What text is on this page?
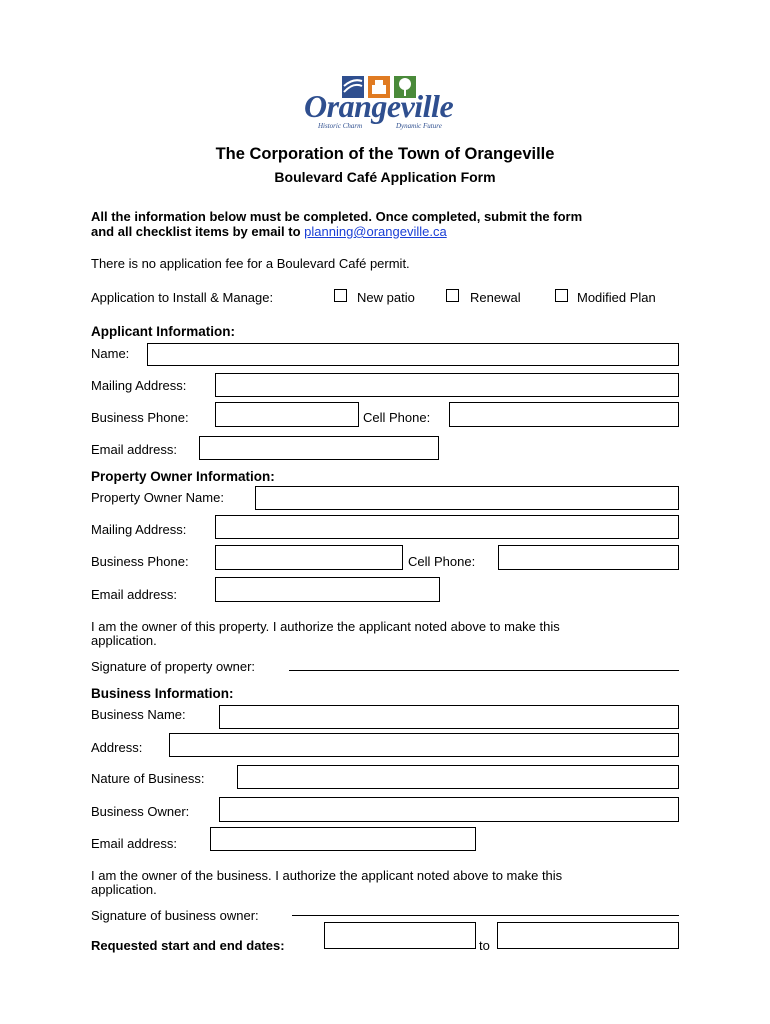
Orangeville
Historic Charm	Dynamic Future
The Corporation of the Town of Orangeville
Boulevard Café Application Form
All the information below must be completed. Once completed, submit the form
and all checklist items by email to planning@orangeville.ca
There is no application fee for a Boulevard Café permit.
Application to Install & Manage:	New patio	Renewal	Modified Plan
Applicant Information:
Name:
Mailing Address:
Business Phone:	Cell Phone:
Email address:
Property Owner Information:
Property Owner Name:
Mailing Address:
Business Phone:	Cell Phone:
Email address:
I am the owner of this property. I authorize the applicant noted above to make this
application.
Signature of property owner:
Business Information:
Business Name:
Address:
Nature of Business:
Business Owner:
Email address:
I am the owner of the business. I authorize the applicant noted above to make this
application.
Signature of business owner:
Requested start and end dates:	to
